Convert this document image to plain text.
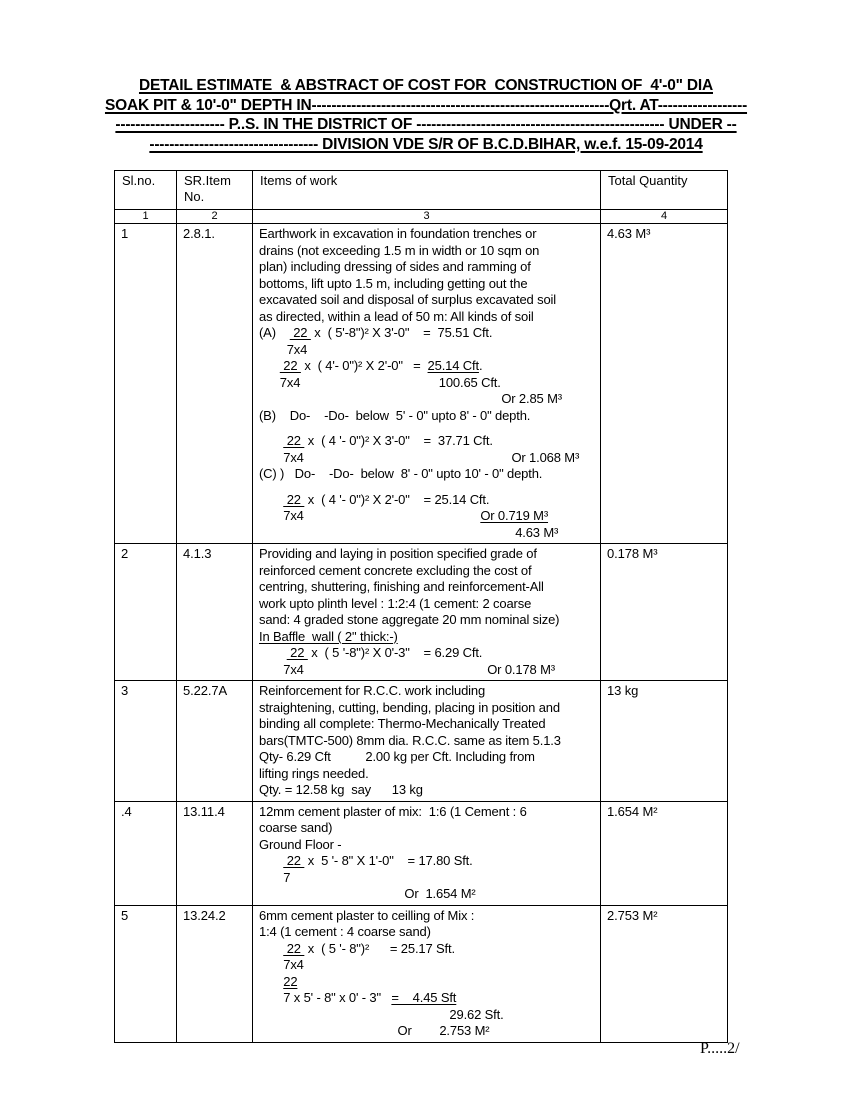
DETAIL ESTIMATE  & ABSTRACT OF COST FOR  CONSTRUCTION OF  4'-0" DIA
SOAK PIT & 10'-0" DEPTH IN------------------------------------------------------------Qrt. AT------------------
---------------------- P..S. IN THE DISTRICT OF -------------------------------------------------- UNDER --
---------------------------------- DIVISION VDE S/R OF B.C.D.BIHAR, w.e.f. 15-09-2014
Sl.no.	SR.Item No.	Items of work	Total Quantity
1	2	3	4
1	2.8.1.	Earthwork in excavation in foundation trenches or
drains (not exceeding 1.5 m in width or 10 sqm on
plan) including dressing of sides and ramming of
bottoms, lift upto 1.5 m, including getting out the
excavated soil and disposal of surplus excavated soil
as directed, within a lead of 50 m: All kinds of soil
(A)     22  x  ( 5'-8")² X 3'-0"    =  75.51 Cft.
7x4
22  x  ( 4'- 0")² X 2'-0"   =  25.14 Cft.
7x4                                        100.65 Cft.
Or 2.85 M³
(B)    Do-    -Do-  below  5' - 0" upto 8' - 0" depth.
22  x  ( 4 '- 0")² X 3'-0"    =  37.71 Cft.
7x4                                                            Or 1.068 M³
(C) )   Do-    -Do-  below  8' - 0" upto 10' - 0" depth.
22  x  ( 4 '- 0")² X 2'-0"    = 25.14 Cft.
7x4                                                   Or 0.719 M³
4.63 M³
	4.63 M³
2	4.1.3	Providing and laying in position specified grade of
reinforced cement concrete excluding the cost of
centring, shuttering, finishing and reinforcement-All
work upto plinth level : 1:2:4 (1 cement: 2 coarse
sand: 4 graded stone aggregate 20 mm nominal size)
In Baffle  wall ( 2" thick:-)
22  x  ( 5 '-8")² X 0'-3"    = 6.29 Cft.
7x4                                                     Or 0.178 M³
	0.178 M³
3	5.22.7A	Reinforcement for R.C.C. work including
straightening, cutting, bending, placing in position and
binding all complete: Thermo-Mechanically Treated
bars(TMTC-500) 8mm dia. R.C.C. same as item 5.1.3
Qty- 6.29 Cft          2.00 kg per Cft. Including from
lifting rings needed.
Qty. = 12.58 kg  say      13 kg
	13 kg
.4	13.11.4	12mm cement plaster of mix:  1:6 (1 Cement : 6
coarse sand)
Ground Floor -
22  x  5 '- 8" X 1'-0"    = 17.80 Sft.
7
Or  1.654 M²
	1.654 M²
5	13.24.2	6mm cement plaster to ceilling of Mix :
1:4 (1 cement : 4 coarse sand)
22  x  ( 5 '- 8")²      = 25.17 Sft.
7x4
22
7 x 5' - 8" x 0' - 3"   =    4.45 Sft
29.62 Sft.
Or        2.753 M²
	2.753 M²
P.....2/
